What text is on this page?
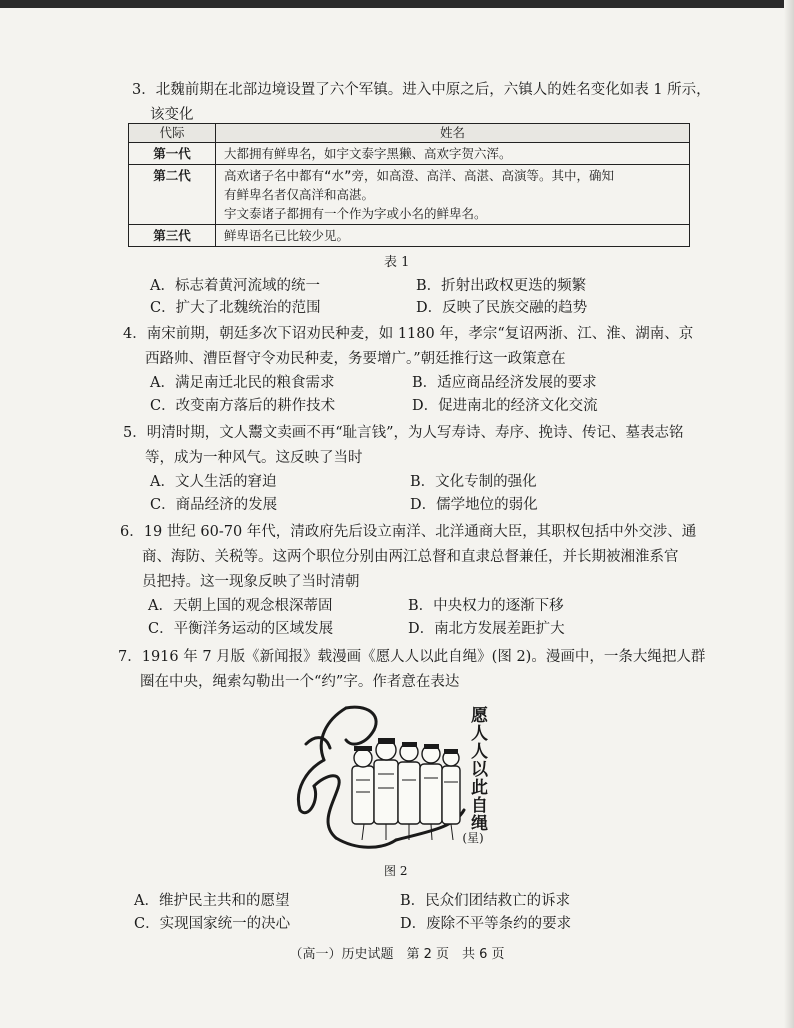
3．北魏前期在北部边境设置了六个军镇。进入中原之后，六镇人的姓名变化如表 1 所示，
该变化
代际	姓名
第一代	大都拥有鲜卑名，如宇文泰字黑獭、高欢字贺六浑。

第二代	高欢诸子名中都有“水”旁，如高澄、高洋、高湛、高演等。其中，确知
有鲜卑名者仅高洋和高湛。
宇文泰诸子都拥有一个作为字或小名的鲜卑名。

第三代	鲜卑语名已比较少见。
表 1
A．标志着黄河流域的统一	B．折射出政权更迭的频繁
C．扩大了北魏统治的范围	D．反映了民族交融的趋势
4．南宋前期，朝廷多次下诏劝民种麦，如 1180 年，孝宗“复诏两浙、江、淮、湖南、京
西路帅、漕臣督守令劝民种麦，务要增广。”朝廷推行这一政策意在
A．满足南迁北民的粮食需求	B．适应商品经济发展的要求
C．改变南方落后的耕作技术	D．促进南北的经济文化交流
5．明清时期，文人鬻文卖画不再“耻言钱”，为人写寿诗、寿序、挽诗、传记、墓表志铭
等，成为一种风气。这反映了当时
A．文人生活的窘迫	B．文化专制的强化
C．商品经济的发展	D．儒学地位的弱化
6．19 世纪 60-70 年代，清政府先后设立南洋、北洋通商大臣，其职权包括中外交涉、通
商、海防、关税等。这两个职位分别由两江总督和直隶总督兼任，并长期被湘淮系官
员把持。这一现象反映了当时清朝
A．天朝上国的观念根深蒂固	B．中央权力的逐渐下移
C．平衡洋务运动的区域发展	D．南北方发展差距扩大
7．1916 年 7 月版《新闻报》载漫画《愿人人以此自绳》(图 2)。漫画中，一条大绳把人群
圈在中央，绳索勾勒出一个“约”字。作者意在表达
愿人人以此自绳
(星)
图 2
A．维护民主共和的愿望	B．民众们团结救亡的诉求
C．实现国家统一的决心	D．废除不平等条约的要求
（高一）历史试题　第 2 页　共 6 页
